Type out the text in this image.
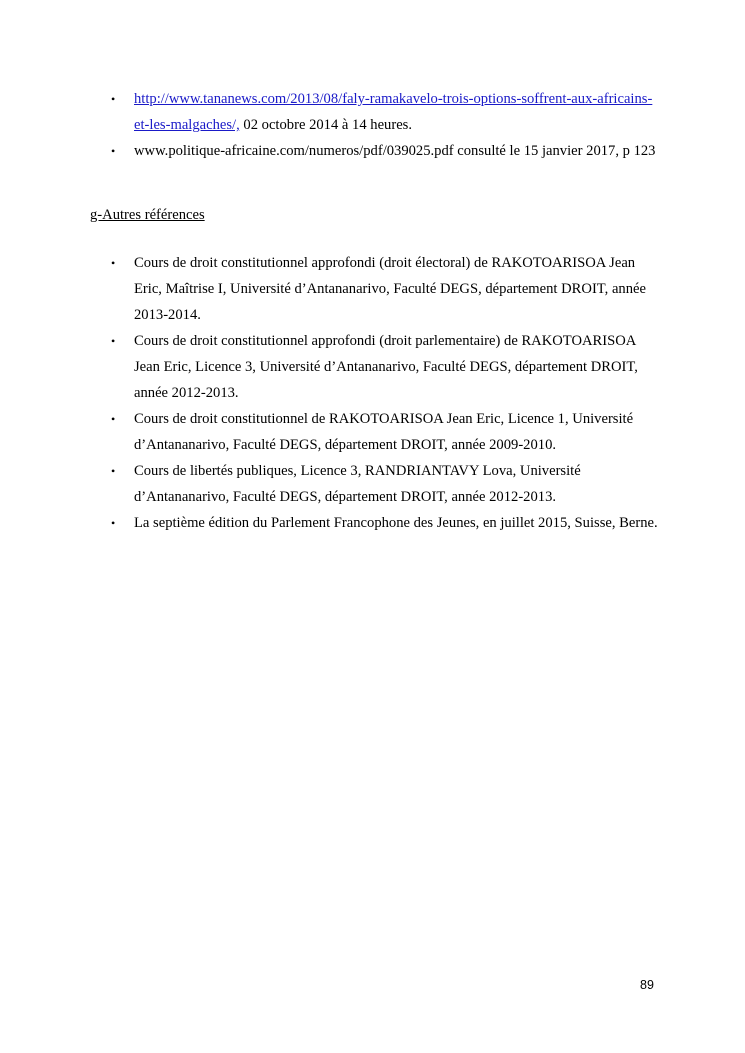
• http://www.tananews.com/2013/08/faly-ramakavelo-trois-options-soffrent-aux-africains-et-les-malgaches/, 02 octobre 2014 à 14 heures.
• www.politique-africaine.com/numeros/pdf/039025.pdf consulté le 15 janvier 2017, p 123
g-Autres références
• Cours de droit constitutionnel approfondi (droit électoral) de RAKOTOARISOA Jean Eric, Maîtrise I, Université d’Antananarivo, Faculté DEGS, département DROIT, année 2013-2014.
• Cours de droit constitutionnel approfondi (droit parlementaire) de RAKOTOARISOA Jean Eric, Licence 3, Université d’Antananarivo, Faculté DEGS, département DROIT, année 2012-2013.
• Cours de droit constitutionnel de RAKOTOARISOA Jean Eric, Licence 1, Université d’Antananarivo, Faculté DEGS, département DROIT, année 2009-2010.
• Cours de libertés publiques, Licence 3, RANDRIANTAVY Lova, Université d’Antananarivo, Faculté DEGS, département DROIT, année 2012-2013.
• La septième édition du Parlement Francophone des Jeunes, en juillet 2015, Suisse, Berne.
89
